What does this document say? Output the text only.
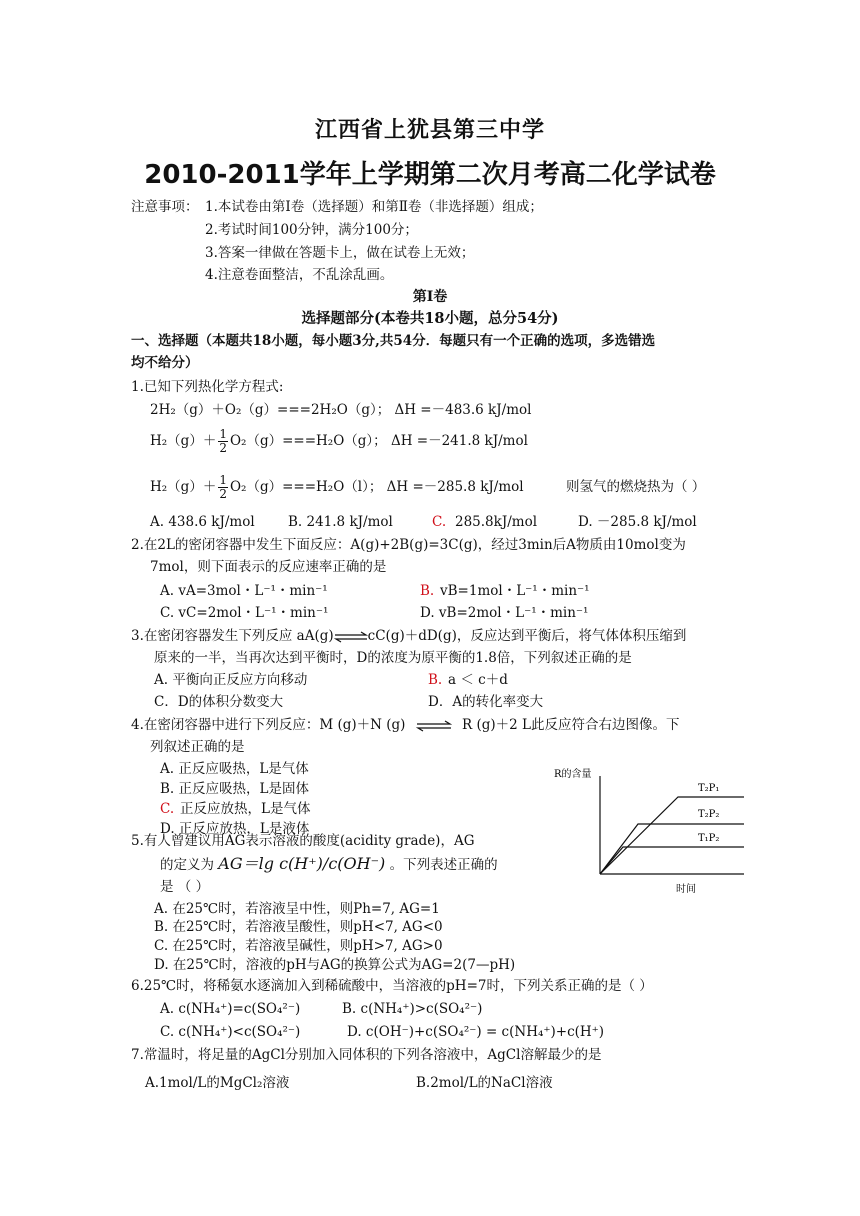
江西省上犹县第三中学
2010-2011学年上学期第二次月考高二化学试卷
注意事项： 1.本试卷由第Ⅰ卷（选择题）和第Ⅱ卷（非选择题）组成；
2.考试时间100分钟，满分100分；
3.答案一律做在答题卡上，做在试卷上无效；
4.注意卷面整洁，不乱涂乱画。
第Ⅰ卷
选择题部分(本卷共18小题，总分54分)
一、选择题（本题共18小题，每小题3分,共54分．每题只有一个正确的选项，多选错选
均不给分）
1.已知下列热化学方程式:
2H₂（g）＋O₂（g）===2H₂O（g）； ΔH =－483.6 kJ/mol
$H_2(g)+ \frac{1}{2} O_2(g)===H_2O(g)$； ΔH =－241.8 kJ/mol
$H_2(g)+ \frac{1}{2} O_2(g)===H_2O(l)$； ΔH =－285.8 kJ/mol	则氢气的燃烧热为（ ）
A. 438.6 kJ/mol B. 241.8 kJ/mol	C. 285.8kJ/mol	D. －285.8 kJ/mol
2.在2L的密闭容器中发生下面反应：A(g)+2B(g)=3C(g)，经过3min后A物质由10mol变为
7mol，则下面表示的反应速率正确的是
A. vA=3mol・L⁻¹・min⁻¹	B. vB=1mol・L⁻¹・min⁻¹
C. vC=2mol・L⁻¹・min⁻¹	D. vB=2mol・L⁻¹・min⁻¹
3.在密闭容器发生下列反应 aA(g)⇌cC(g)＋dD(g)，反应达到平衡后，将气体体积压缩到
原来的一半，当再次达到平衡时，D的浓度为原平衡的1.8倍，下列叙述正确的是
A. 平衡向正反应方向移动	B. a ＜ c＋d
C．D的体积分数变大	D．A的转化率变大
4.在密闭容器中进行下列反应：M (g)＋N (g) ⇌ R (g)＋2 L此反应符合右边图像。下
列叙述正确的是
A. 正反应吸热，L是气体
B. 正反应吸热，L是固体
C. 正反应放热，L是气体
D. 正反应放热，L是液体
R的含量
时间
T₂P₁
T₂P₂
T₁P₂
5.有人曾建议用AG表示溶液的酸度(acidity grade)，AG
的定义为 AG＝lg c(H⁺)/c(OH⁻) 。下列表述正确的
是 （ ）
A. 在25℃时，若溶液呈中性，则Ph=7, AG=1
B. 在25℃时，若溶液呈酸性，则pH<7, AG<0
C. 在25℃时，若溶液呈碱性，则pH>7, AG>0
D. 在25℃时，溶液的pH与AG的换算公式为AG=2(7—pH)
6.25℃时，将稀氨水逐滴加入到稀硫酸中，当溶液的pH=7时，下列关系正确的是（ ）
A. c(NH₄⁺)=c(SO₄²⁻)	B. c(NH₄⁺)>c(SO₄²⁻)
C. c(NH₄⁺)<c(SO₄²⁻)	D. c(OH⁻)+c(SO₄²⁻) = c(NH₄⁺)+c(H⁺)
7.常温时，将足量的AgCl分别加入同体积的下列各溶液中，AgCl溶解最少的是
A.1mol/L的MgCl₂溶液	B.2mol/L的NaCl溶液
